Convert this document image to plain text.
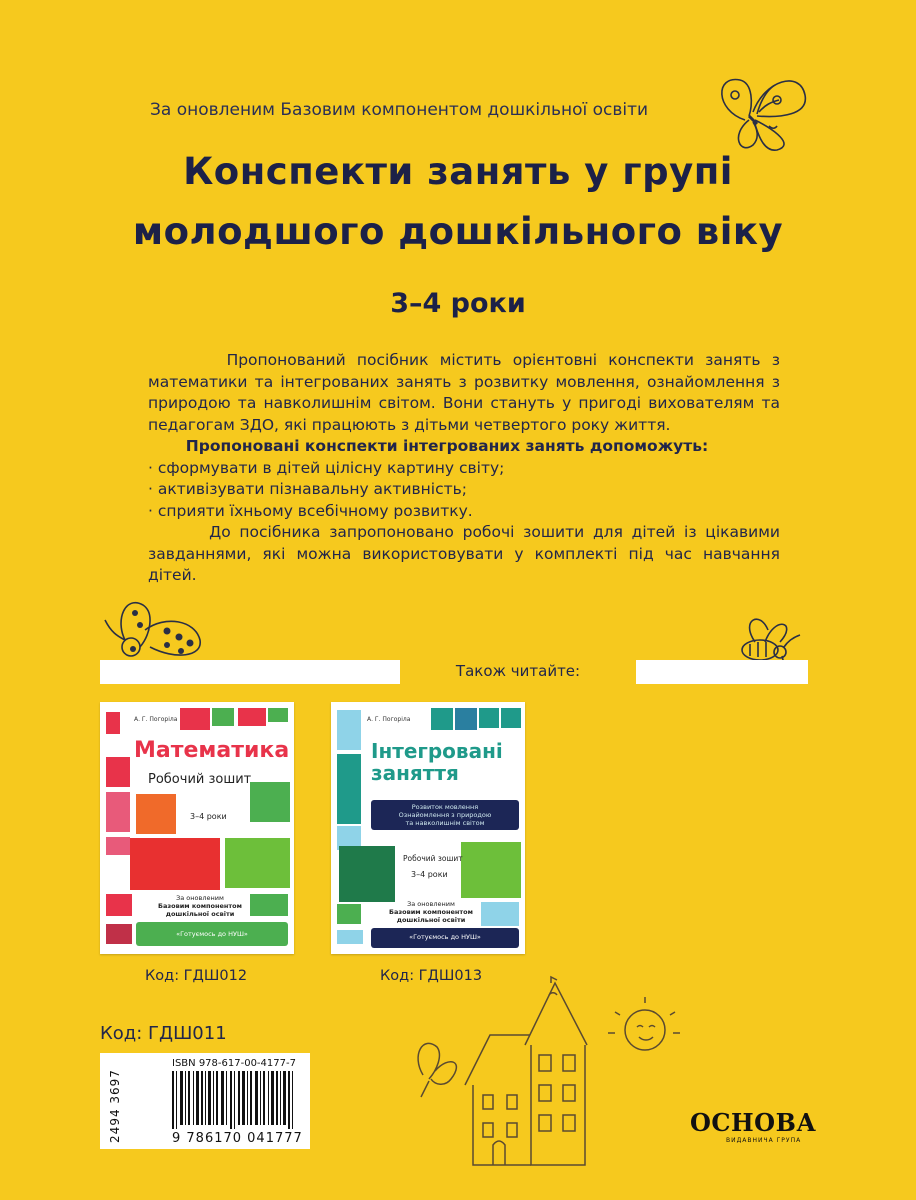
За оновленим Базовим компонентом дошкільної освіти
Конспекти занять у групі
молодшого дошкільного віку
3–4 роки

Пропонований посібник містить орієнтовні конспекти занять з математики та інтегрованих занять з розвитку мовлення, ознайомлення з природою та навколишнім світом. Вони стануть у пригоді вихователям та педагогам ЗДО, які працюють з дітьми четвертого року життя.

Пропоновані конспекти інтегрованих занять допоможуть:

· сформувати в дітей цілісну картину світу;

· активізувати пізнавальну активність;

· сприяти їхньому всебічному розвитку.

До посібника запропоновано робочі зошити для дітей із цікавими завданнями, які можна використовувати у комплекті під час навчання дітей.

Також читайте:
А. Г. Погоріла
Математика
Робочий зошит
3–4 роки
За оновленим
Базовим компонентом
дошкільної освіти
«Готуємось до НУШ»
А. Г. Погоріла
Інтегровані
заняття
Розвиток мовлення
Ознайомлення з природою
та навколишнім світом
Робочий зошит
3–4 роки
За оновленим
Базовим компонентом
дошкільної освіти
«Готуємось до НУШ»
Код: ГДШ012	Код: ГДШ013
Код: ГДШ011
ISBN 978-617-00-4177-7
9 786170 041777
2494 3697	ОСНОВА
ВИДАВНИЧА ГРУПА
